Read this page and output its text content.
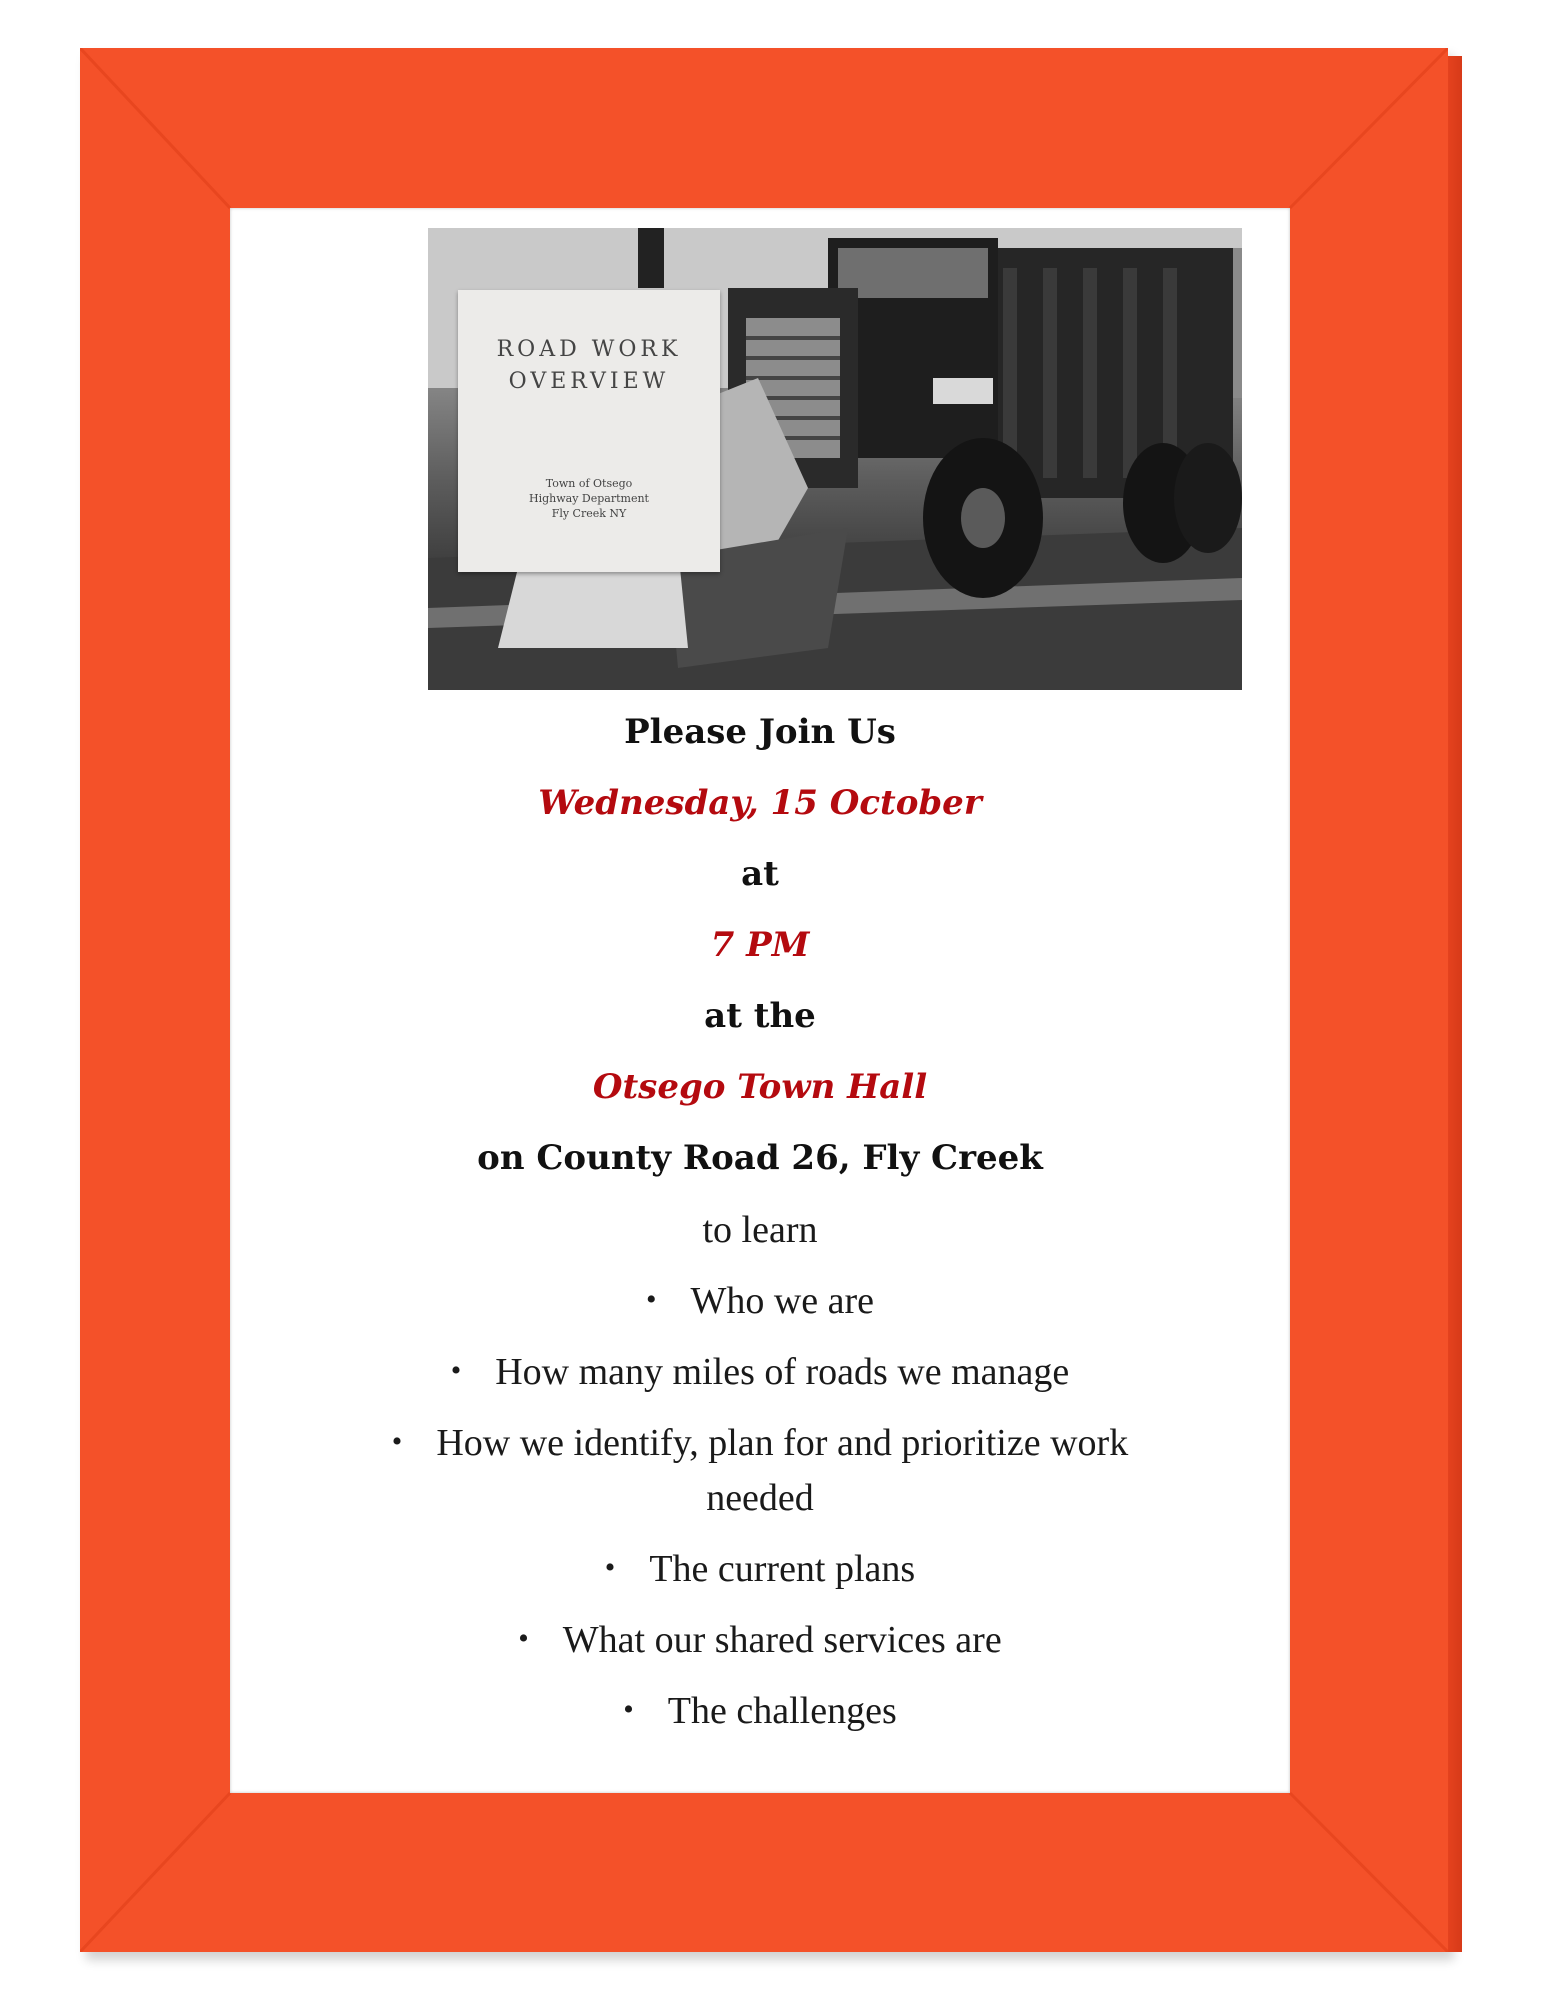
ROAD WORK
OVERVIEW
Town of Otsego
Highway Department
Fly Creek NY
Please Join Us
Wednesday, 15 October
at
7 PM
at the
Otsego Town Hall
on County Road 26, Fly Creek
to learn
• Who we are
• How many miles of roads we manage
• How we identify, plan for and prioritize work
needed
• The current plans
• What our shared services are
• The challenges
